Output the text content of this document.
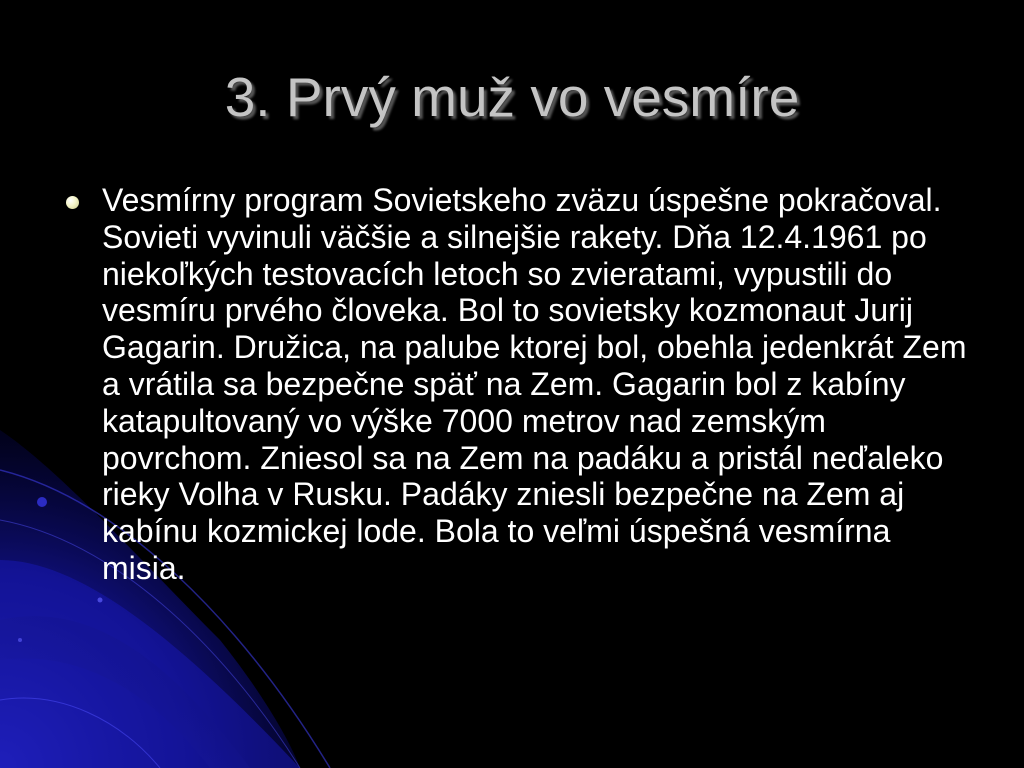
3. Prvý muž vo vesmíre

Vesmírny program Sovietskeho zväzu úspešne pokračoval. Sovieti vyvinuli väčšie a silnejšie rakety. Dňa 12.4.1961 po niekoľkých testovacích letoch so zvieratami, vypustili do vesmíru prvého človeka. Bol to sovietsky kozmonaut Jurij Gagarin. Družica, na palube ktorej bol, obehla jedenkrát Zem a vrátila sa bezpečne späť na Zem. Gagarin bol z kabíny katapultovaný vo výške 7000 metrov nad zemským povrchom. Zniesol sa na Zem na padáku a pristál neďaleko rieky Volha v Rusku. Padáky zniesli bezpečne na Zem aj kabínu kozmickej lode. Bola to veľmi úspešná vesmírna misia.
